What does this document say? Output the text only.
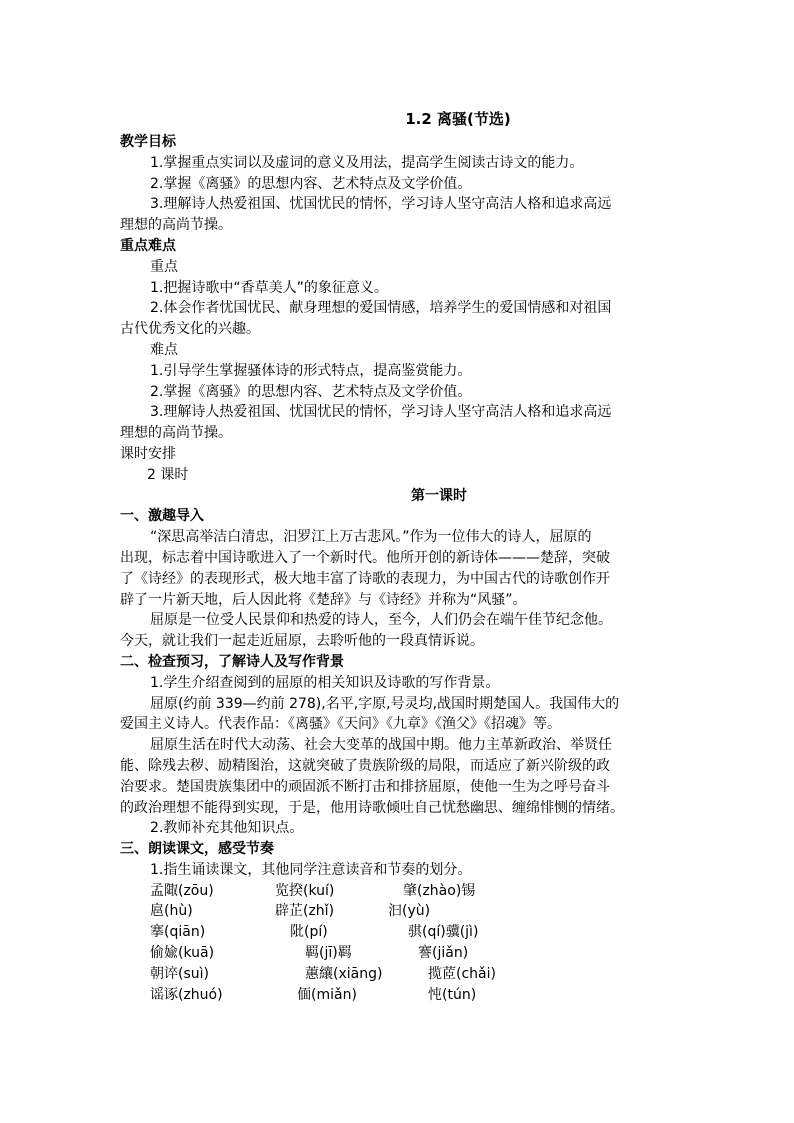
1.2 离骚(节选)
教学目标
1.掌握重点实词以及虚词的意义及用法，提高学生阅读古诗文的能力。
2.掌握《离骚》的思想内容、艺术特点及文学价值。
3.理解诗人热爱祖国、忧国忧民的情怀，学习诗人坚守高洁人格和追求高远
理想的高尚节操。
重点难点
重点
1.把握诗歌中“香草美人”的象征意义。
2.体会作者忧国忧民、献身理想的爱国情感，培养学生的爱国情感和对祖国
古代优秀文化的兴趣。
难点
1.引导学生掌握骚体诗的形式特点，提高鉴赏能力。
2.掌握《离骚》的思想内容、艺术特点及文学价值。
3.理解诗人热爱祖国、忧国忧民的情怀，学习诗人坚守高洁人格和追求高远
理想的高尚节操。
课时安排
2 课时
第一课时
一、激趣导入
“深思高举洁白清忠，汨罗江上万古悲风。”作为一位伟大的诗人，屈原的
出现，标志着中国诗歌进入了一个新时代。他所开创的新诗体———楚辞，突破
了《诗经》的表现形式，极大地丰富了诗歌的表现力，为中国古代的诗歌创作开
辟了一片新天地，后人因此将《楚辞》与《诗经》并称为“风骚”。
屈原是一位受人民景仰和热爱的诗人，至今，人们仍会在端午佳节纪念他。
今天，就让我们一起走近屈原，去聆听他的一段真情诉说。
二、检查预习，了解诗人及写作背景
1.学生介绍查阅到的屈原的相关知识及诗歌的写作背景。
屈原(约前 339—约前 278),名平,字原,号灵均,战国时期楚国人。我国伟大的
爱国主义诗人。代表作品：《离骚》《天问》《九章》《渔父》《招魂》等。
屈原生活在时代大动荡、社会大变革的战国中期。他力主革新政治、举贤任
能、除残去秽、励精图治，这就突破了贵族阶级的局限，而适应了新兴阶级的政
治要求。楚国贵族集团中的顽固派不断打击和排挤屈原，使他一生为之呼号奋斗
的政治理想不能得到实现，于是，他用诗歌倾吐自己忧愁幽思、缠绵悱恻的情绪。
2.教师补充其他知识点。
三、朗读课文，感受节奏
1.指生诵读课文，其他同学注意读音和节奏的划分。
孟陬(zōu)	览揆(kuí)	肇(zhào)锡
扈(hù)	辟芷(zhǐ)	汩(yù)
搴(qiān)	阰(pí)	骐(qí)骥(jì)
偷婾(kuā)	羁(jī)羁	謇(jiǎn)
朝谇(suì)	蕙纕(xiāng)	揽茝(chǎi)
谣诼(zhuó)	偭(miǎn)	忳(tún)
